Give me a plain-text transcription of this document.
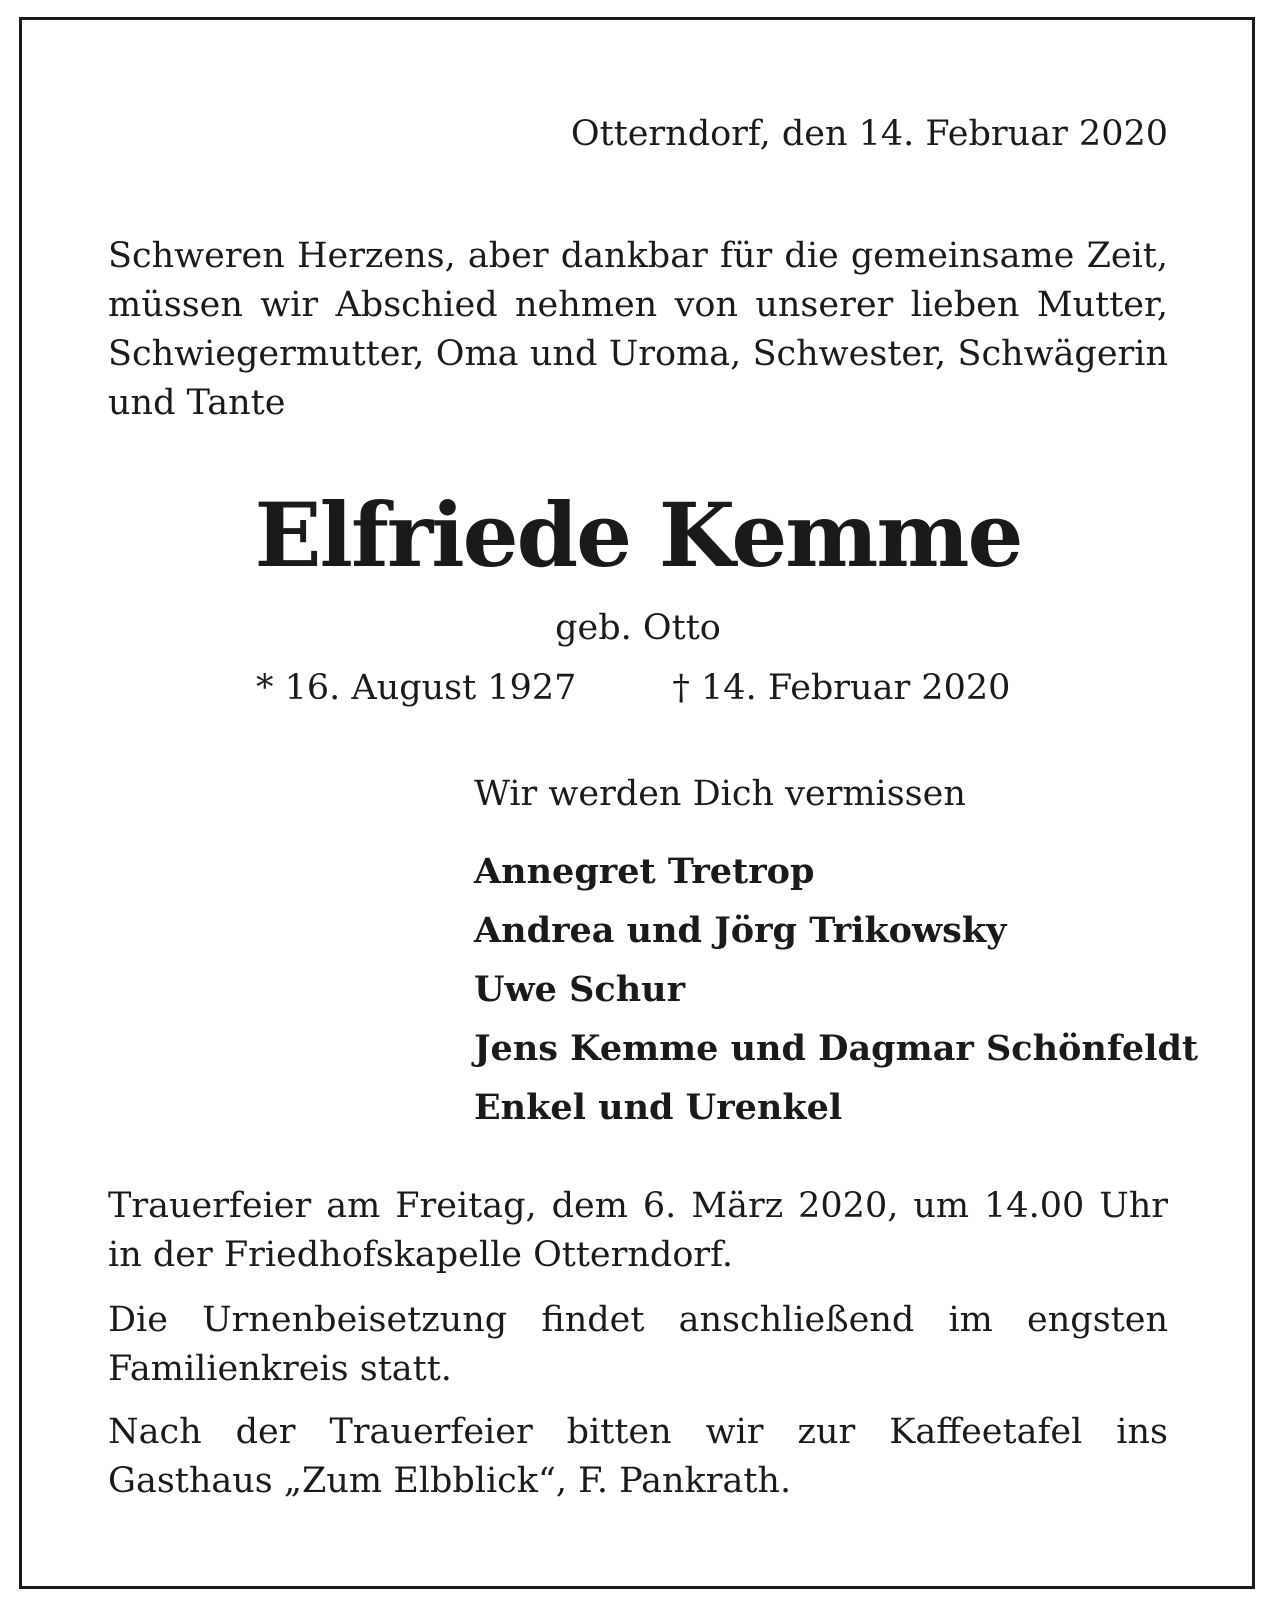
Otterndorf, den 14. Februar 2020
Schweren Herzens, aber dankbar für die gemeinsame Zeit, müssen wir Abschied nehmen von unserer lieben Mutter, Schwiegermutter, Oma und Uroma, Schwester, Schwägerin und Tante
Elfriede Kemme
geb. Otto
* 16. August 1927	† 14. Februar 2020
Wir werden Dich vermissen
Annegret Tretrop
Andrea und Jörg Trikowsky
Uwe Schur
Jens Kemme und Dagmar Schönfeldt
Enkel und Urenkel
Trauerfeier am Freitag, dem 6. März 2020, um 14.00 Uhr in der Friedhofskapelle Otterndorf.
Die Urnenbeisetzung findet anschließend im engsten Familienkreis statt.
Nach der Trauerfeier bitten wir zur Kaffeetafel ins Gasthaus „Zum Elbblick“, F. Pankrath.
